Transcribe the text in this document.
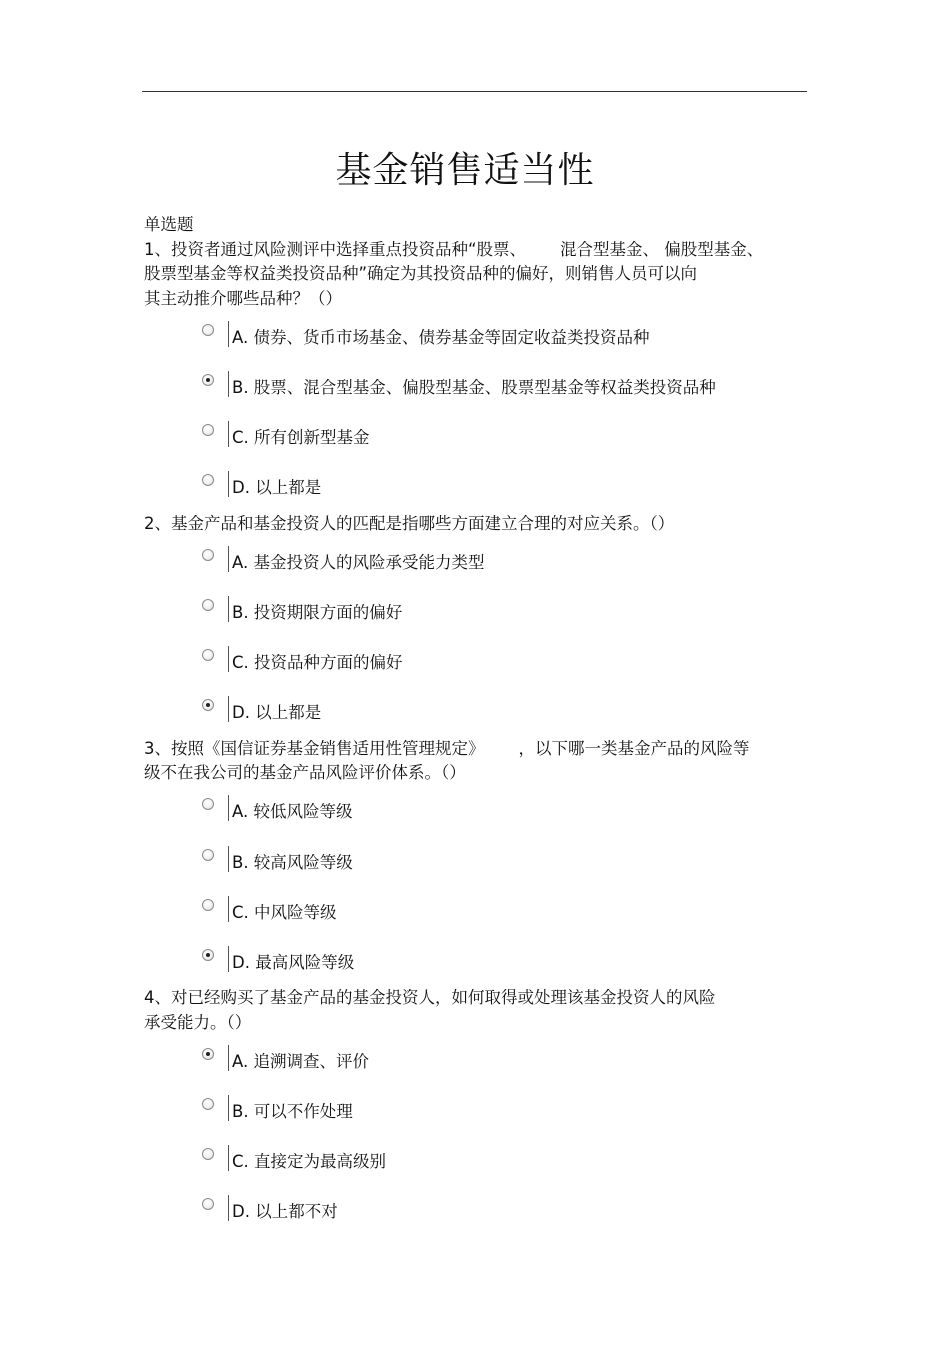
基金销售适当性
单选题
1、投资者通过风险测评中选择重点投资品种“股票、 混合型基金、 偏股型基金、
股票型基金等权益类投资品种”确定为其投资品种的偏好，则销售人员可以向
其主动推介哪些品种？（）
A. 债券、货币市场基金、债券基金等固定收益类投资品种
B. 股票、混合型基金、偏股型基金、股票型基金等权益类投资品种
C. 所有创新型基金
D. 以上都是
2、基金产品和基金投资人的匹配是指哪些方面建立合理的对应关系。（）
A. 基金投资人的风险承受能力类型
B. 投资期限方面的偏好
C. 投资品种方面的偏好
D. 以上都是
3、按照《国信证券基金销售适用性管理规定》 ，以下哪一类基金产品的风险等
级不在我公司的基金产品风险评价体系。（）
A. 较低风险等级
B. 较高风险等级
C. 中风险等级
D. 最高风险等级
4、对已经购买了基金产品的基金投资人，如何取得或处理该基金投资人的风险
承受能力。（）
A. 追溯调查、评价
B. 可以不作处理
C. 直接定为最高级别
D. 以上都不对
